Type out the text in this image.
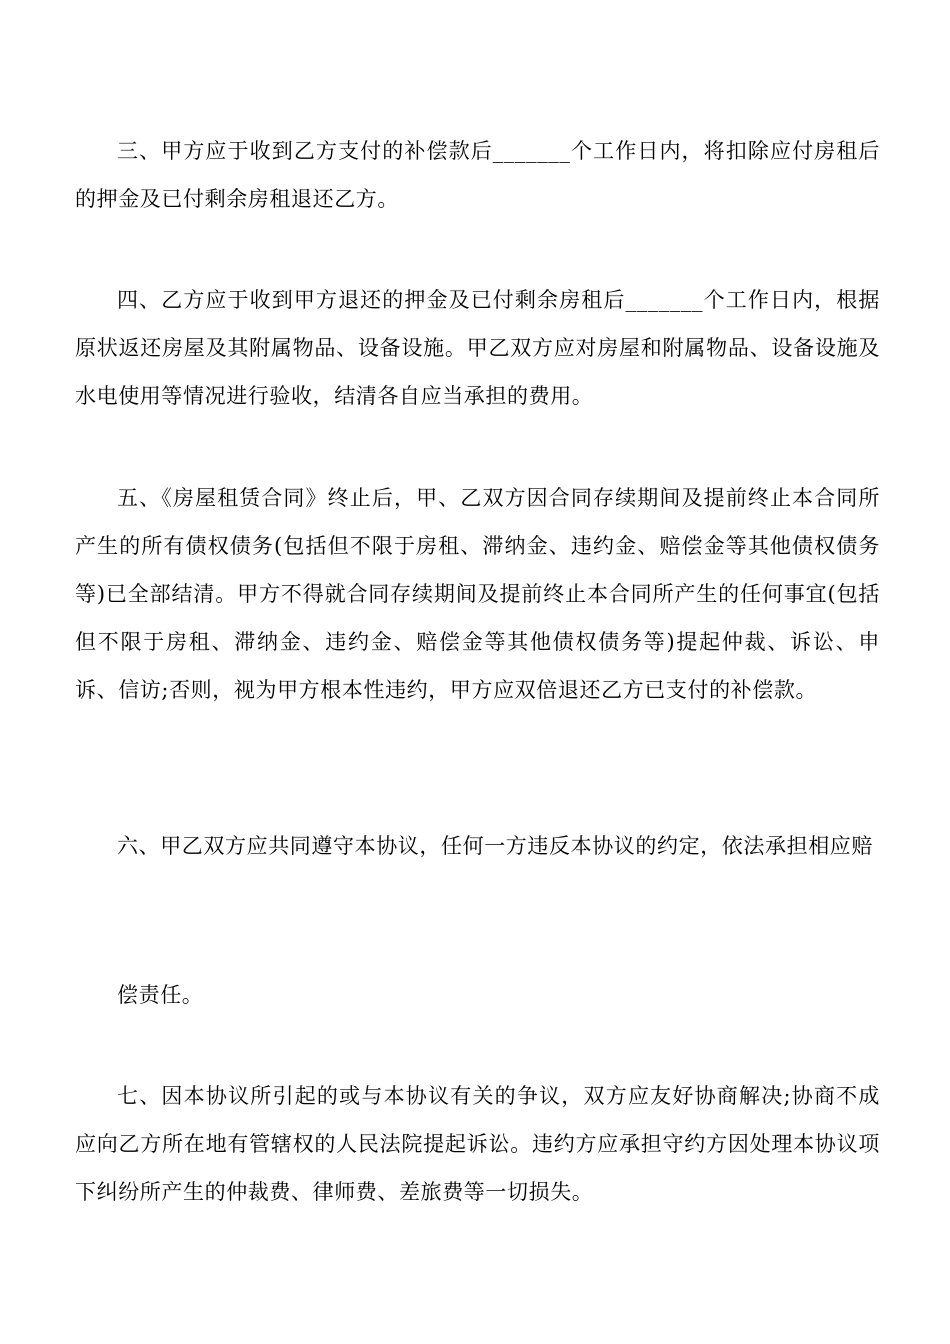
三、甲方应于收到乙方支付的补偿款后_______个工作日内，将扣除应付房租后的押金及已付剩余房租退还乙方。

四、乙方应于收到甲方退还的押金及已付剩余房租后_______个工作日内，根据原状返还房屋及其附属物品、设备设施。甲乙双方应对房屋和附属物品、设备设施及水电使用等情况进行验收，结清各自应当承担的费用。

五、《房屋租赁合同》终止后，甲、乙双方因合同存续期间及提前终止本合同所产生的所有债权债务(包括但不限于房租、滞纳金、违约金、赔偿金等其他债权债务等)已全部结清。甲方不得就合同存续期间及提前终止本合同所产生的任何事宜(包括但不限于房租、滞纳金、违约金、赔偿金等其他债权债务等)提起仲裁、诉讼、申诉、信访;否则，视为甲方根本性违约，甲方应双倍退还乙方已支付的补偿款。

六、甲乙双方应共同遵守本协议，任何一方违反本协议的约定，依法承担相应赔

偿责任。

七、因本协议所引起的或与本协议有关的争议，双方应友好协商解决;协商不成应向乙方所在地有管辖权的人民法院提起诉讼。违约方应承担守约方因处理本协议项下纠纷所产生的仲裁费、律师费、差旅费等一切损失。
